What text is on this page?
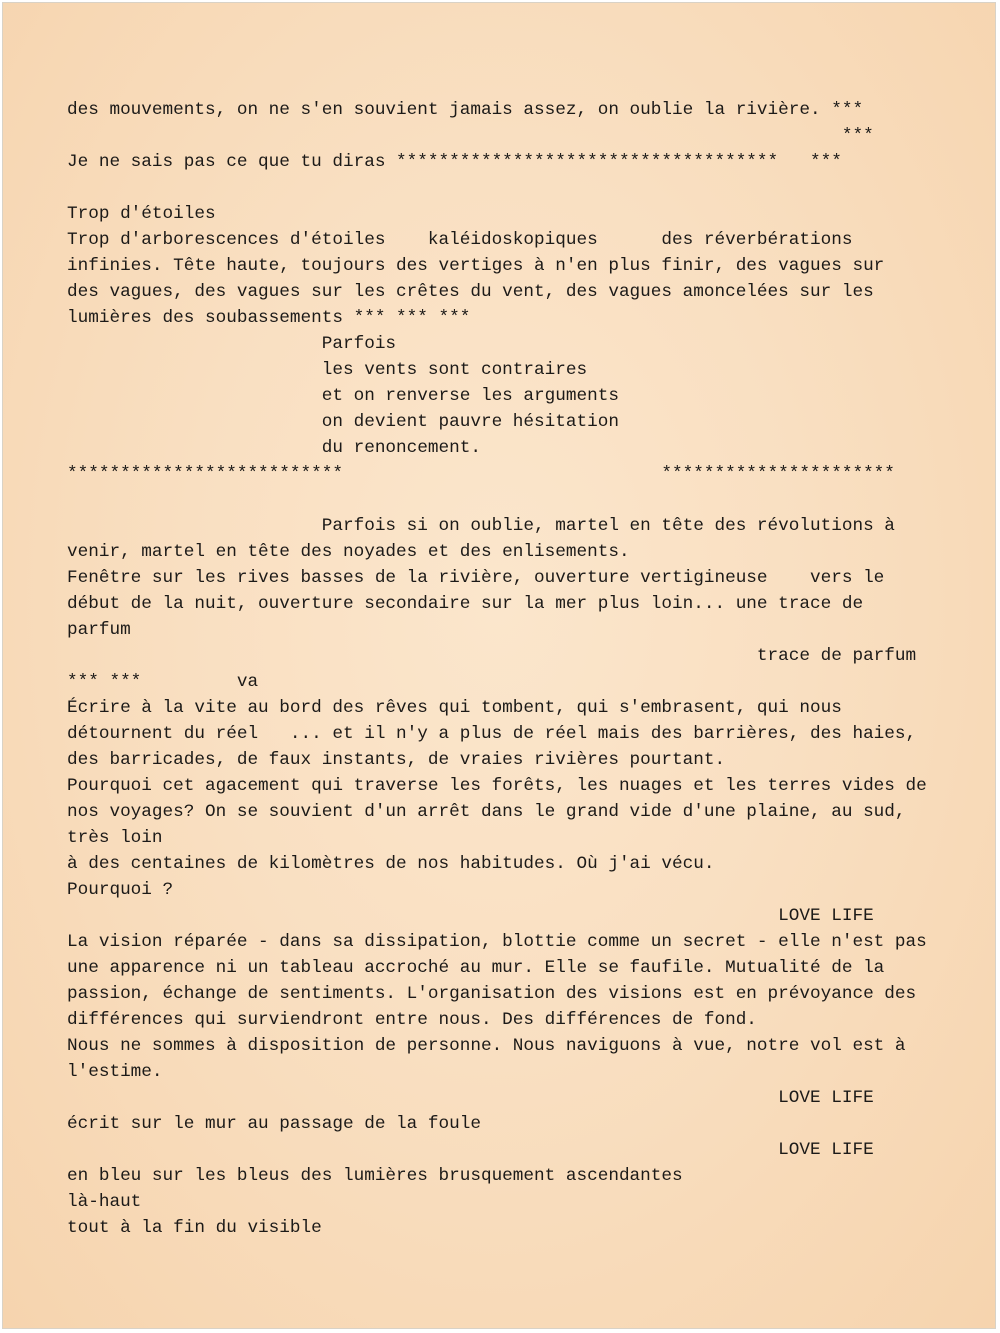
des mouvements, on ne s'en souvient jamais assez, on oublie la rivière. ***
***
Je ne sais pas ce que tu diras ************************************   ***
Trop d'étoiles
Trop d'arborescences d'étoiles    kaléidoskopiques      des réverbérations
infinies. Tête haute, toujours des vertiges à n'en plus finir, des vagues sur
des vagues, des vagues sur les crêtes du vent, des vagues amoncelées sur les
lumières des soubassements *** *** ***
Parfois
les vents sont contraires
et on renverse les arguments
on devient pauvre hésitation
du renoncement.
**************************                              **********************
Parfois si on oublie, martel en tête des révolutions à
venir, martel en tête des noyades et des enlisements.
Fenêtre sur les rives basses de la rivière, ouverture vertigineuse    vers le
début de la nuit, ouverture secondaire sur la mer plus loin... une trace de
parfum
trace de parfum
*** ***         va
Écrire à la vite au bord des rêves qui tombent, qui s'embrasent, qui nous
détournent du réel   ... et il n'y a plus de réel mais des barrières, des haies,
des barricades, de faux instants, de vraies rivières pourtant.
Pourquoi cet agacement qui traverse les forêts, les nuages et les terres vides de
nos voyages? On se souvient d'un arrêt dans le grand vide d'une plaine, au sud,
très loin
à des centaines de kilomètres de nos habitudes. Où j'ai vécu.
Pourquoi ?
LOVE LIFE
La vision réparée - dans sa dissipation, blottie comme un secret - elle n'est pas
une apparence ni un tableau accroché au mur. Elle se faufile. Mutualité de la
passion, échange de sentiments. L'organisation des visions est en prévoyance des
différences qui surviendront entre nous. Des différences de fond.
Nous ne sommes à disposition de personne. Nous naviguons à vue, notre vol est à
l'estime.
LOVE LIFE
écrit sur le mur au passage de la foule
LOVE LIFE
en bleu sur les bleus des lumières brusquement ascendantes
là-haut
tout à la fin du visible
